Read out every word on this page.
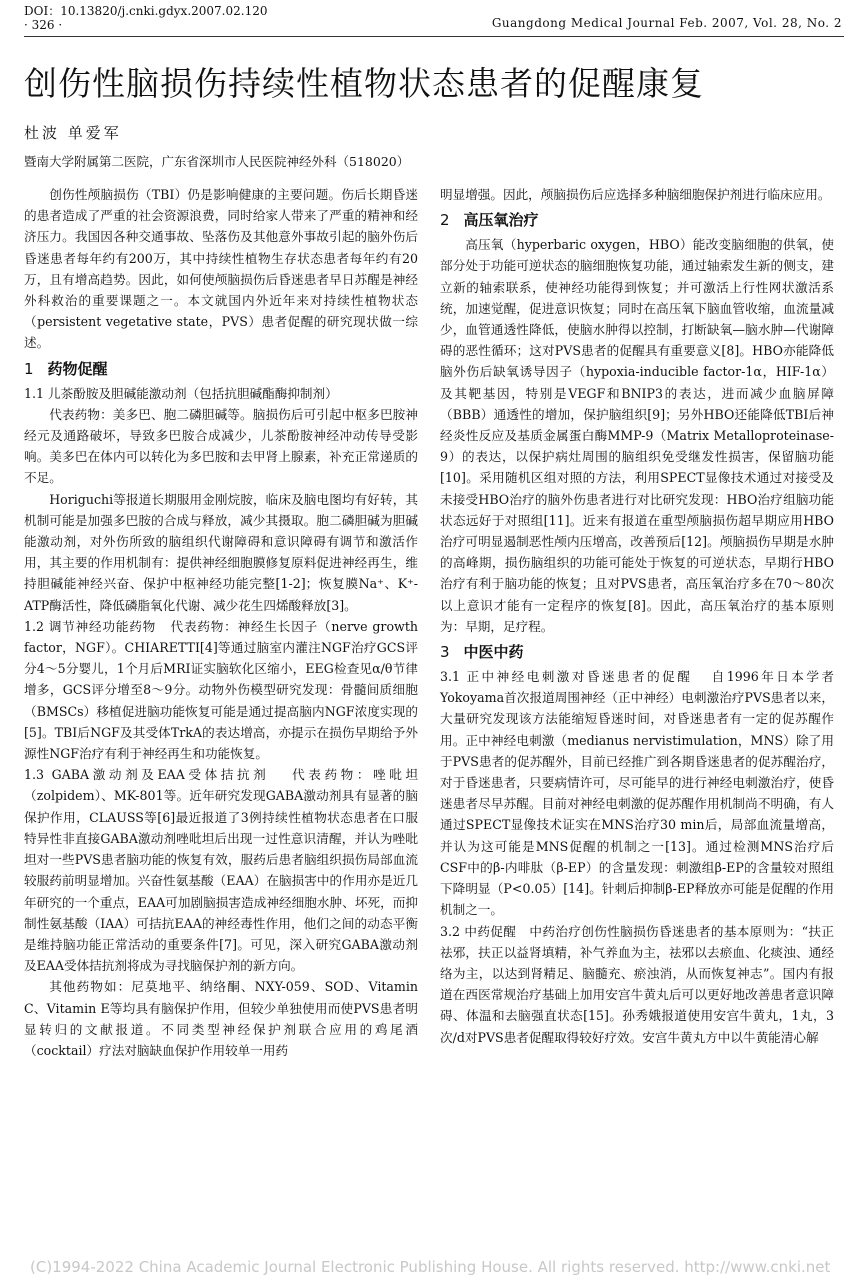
DOI：10.13820/j.cnki.gdyx.2007.02.120
· 326 ·	Guangdong Medical Journal Feb. 2007, Vol. 28, No. 2
创伤性脑损伤持续性植物状态患者的促醒康复
杜波 单爱军
暨南大学附属第二医院，广东省深圳市人民医院神经外科（518020）

创伤性颅脑损伤（TBI）仍是影响健康的主要问题。伤后长期昏迷的患者造成了严重的社会资源浪费，同时给家人带来了严重的精神和经济压力。我国因各种交通事故、坠落伤及其他意外事故引起的脑外伤后昏迷患者每年约有200万，其中持续性植物生存状态患者每年约有20万，且有增高趋势。因此，如何使颅脑损伤后昏迷患者早日苏醒是神经外科救治的重要课题之一。本文就国内外近年来对持续性植物状态（persistent vegetative state，PVS）患者促醒的研究现状做一综述。

1 药物促醒

1.1 儿茶酚胺及胆碱能激动剂（包括抗胆碱酯酶抑制剂）

代表药物：美多巴、胞二磷胆碱等。脑损伤后可引起中枢多巴胺神经元及通路破坏，导致多巴胺合成减少，儿茶酚胺神经冲动传导受影响。美多巴在体内可以转化为多巴胺和去甲肾上腺素，补充正常递质的不足。

Horiguchi等报道长期服用金刚烷胺，临床及脑电图均有好转，其机制可能是加强多巴胺的合成与释放，减少其摄取。胞二磷胆碱为胆碱能激动剂，对外伤所致的脑组织代谢障碍和意识障碍有调节和激活作用，其主要的作用机制有：提供神经细胞膜修复原料促进神经再生，维持胆碱能神经兴奋、保护中枢神经功能完整[1-2]；恢复膜Na⁺、K⁺-ATP酶活性，降低磷脂氧化代谢、减少花生四烯酸释放[3]。

1.2 调节神经功能药物 代表药物：神经生长因子（nerve growth factor，NGF）。CHIARETTI[4]等通过脑室内灌注NGF治疗GCS评分4～5分婴儿，1个月后MRI证实脑软化区缩小，EEG检查见α/θ节律增多，GCS评分增至8～9分。动物外伤模型研究发现：骨髓间质细胞（BMSCs）移植促进脑功能恢复可能是通过提高脑内NGF浓度实现的[5]。TBI后NGF及其受体TrkA的表达增高，亦提示在损伤早期给予外源性NGF治疗有利于神经再生和功能恢复。

1.3 GABA激动剂及EAA受体拮抗剂 代表药物：唑吡坦（zolpidem）、MK-801等。近年研究发现GABA激动剂具有显著的脑保护作用，CLAUSS等[6]最近报道了3例持续性植物状态患者在口服特异性非直接GABA激动剂唑吡坦后出现一过性意识清醒，并认为唑吡坦对一些PVS患者脑功能的恢复有效，服药后患者脑组织损伤局部血流较服药前明显增加。兴奋性氨基酸（EAA）在脑损害中的作用亦是近几年研究的一个重点，EAA可加剧脑损害造成神经细胞水肿、坏死，而抑制性氨基酸（IAA）可拮抗EAA的神经毒性作用，他们之间的动态平衡是维持脑功能正常活动的重要条件[7]。可见，深入研究GABA激动剂及EAA受体拮抗剂将成为寻找脑保护剂的新方向。

其他药物如：尼莫地平、纳络酮、NXY-059、SOD、Vitamin C、Vitamin E等均具有脑保护作用，但较少单独使用而使PVS患者明显转归的文献报道。不同类型神经保护剂联合应用的鸡尾酒（cocktail）疗法对脑缺血保护作用较单一用药

明显增强。因此，颅脑损伤后应选择多种脑细胞保护剂进行临床应用。

2 高压氧治疗

高压氧（hyperbaric oxygen，HBO）能改变脑细胞的供氧，使部分处于功能可逆状态的脑细胞恢复功能，通过轴索发生新的侧支，建立新的轴索联系，使神经功能得到恢复；并可激活上行性网状激活系统，加速觉醒，促进意识恢复；同时在高压氧下脑血管收缩，血流量减少，血管通透性降低，使脑水肿得以控制，打断缺氧—脑水肿—代谢障碍的恶性循环；这对PVS患者的促醒具有重要意义[8]。HBO亦能降低脑外伤后缺氧诱导因子（hypoxia-inducible factor-1α，HIF-1α）及其靶基因，特别是VEGF和BNIP3的表达，进而减少血脑屏障（BBB）通透性的增加，保护脑组织[9]；另外HBO还能降低TBI后神经炎性反应及基质金属蛋白酶MMP-9（Matrix Metalloproteinase-9）的表达，以保护病灶周围的脑组织免受继发性损害，保留脑功能[10]。采用随机区组对照的方法，利用SPECT显像技术通过对接受及未接受HBO治疗的脑外伤患者进行对比研究发现：HBO治疗组脑功能状态远好于对照组[11]。近来有报道在重型颅脑损伤超早期应用HBO治疗可明显遏制恶性颅内压增高，改善预后[12]。颅脑损伤早期是水肿的高峰期，损伤脑组织的功能可能处于恢复的可逆状态，早期行HBO治疗有利于脑功能的恢复；且对PVS患者，高压氧治疗多在70～80次以上意识才能有一定程序的恢复[8]。因此，高压氧治疗的基本原则为：早期，足疗程。

3 中医中药

3.1 正中神经电刺激对昏迷患者的促醒 自1996年日本学者Yokoyama首次报道周围神经（正中神经）电刺激治疗PVS患者以来，大量研究发现该方法能缩短昏迷时间，对昏迷患者有一定的促苏醒作用。正中神经电刺激（medianus nervistimulation，MNS）除了用于PVS患者的促苏醒外，目前已经推广到各期昏迷患者的促苏醒治疗，对于昏迷患者，只要病情许可，尽可能早的进行神经电刺激治疗，使昏迷患者尽早苏醒。目前对神经电刺激的促苏醒作用机制尚不明确，有人通过SPECT显像技术证实在MNS治疗30 min后，局部血流量增高，并认为这可能是MNS促醒的机制之一[13]。通过检测MNS治疗后CSF中的β-内啡肽（β-EP）的含量发现：刺激组β-EP的含量较对照组下降明显（P<0.05）[14]。针刺后抑制β-EP释放亦可能是促醒的作用机制之一。

3.2 中药促醒 中药治疗创伤性脑损伤昏迷患者的基本原则为：“扶正祛邪，扶正以益肾填精，补气养血为主，祛邪以去瘀血、化痰浊、通经络为主，以达到肾精足、脑髓充、瘀浊消，从而恢复神志”。国内有报道在西医常规治疗基础上加用安宫牛黄丸后可以更好地改善患者意识障碍、体温和去脑强直状态[15]。孙秀娥报道使用安宫牛黄丸，1丸，3次/d对PVS患者促醒取得较好疗效。安宫牛黄丸方中以牛黄能清心解

(C)1994-2022 China Academic Journal Electronic Publishing House. All rights reserved. http://www.cnki.net
